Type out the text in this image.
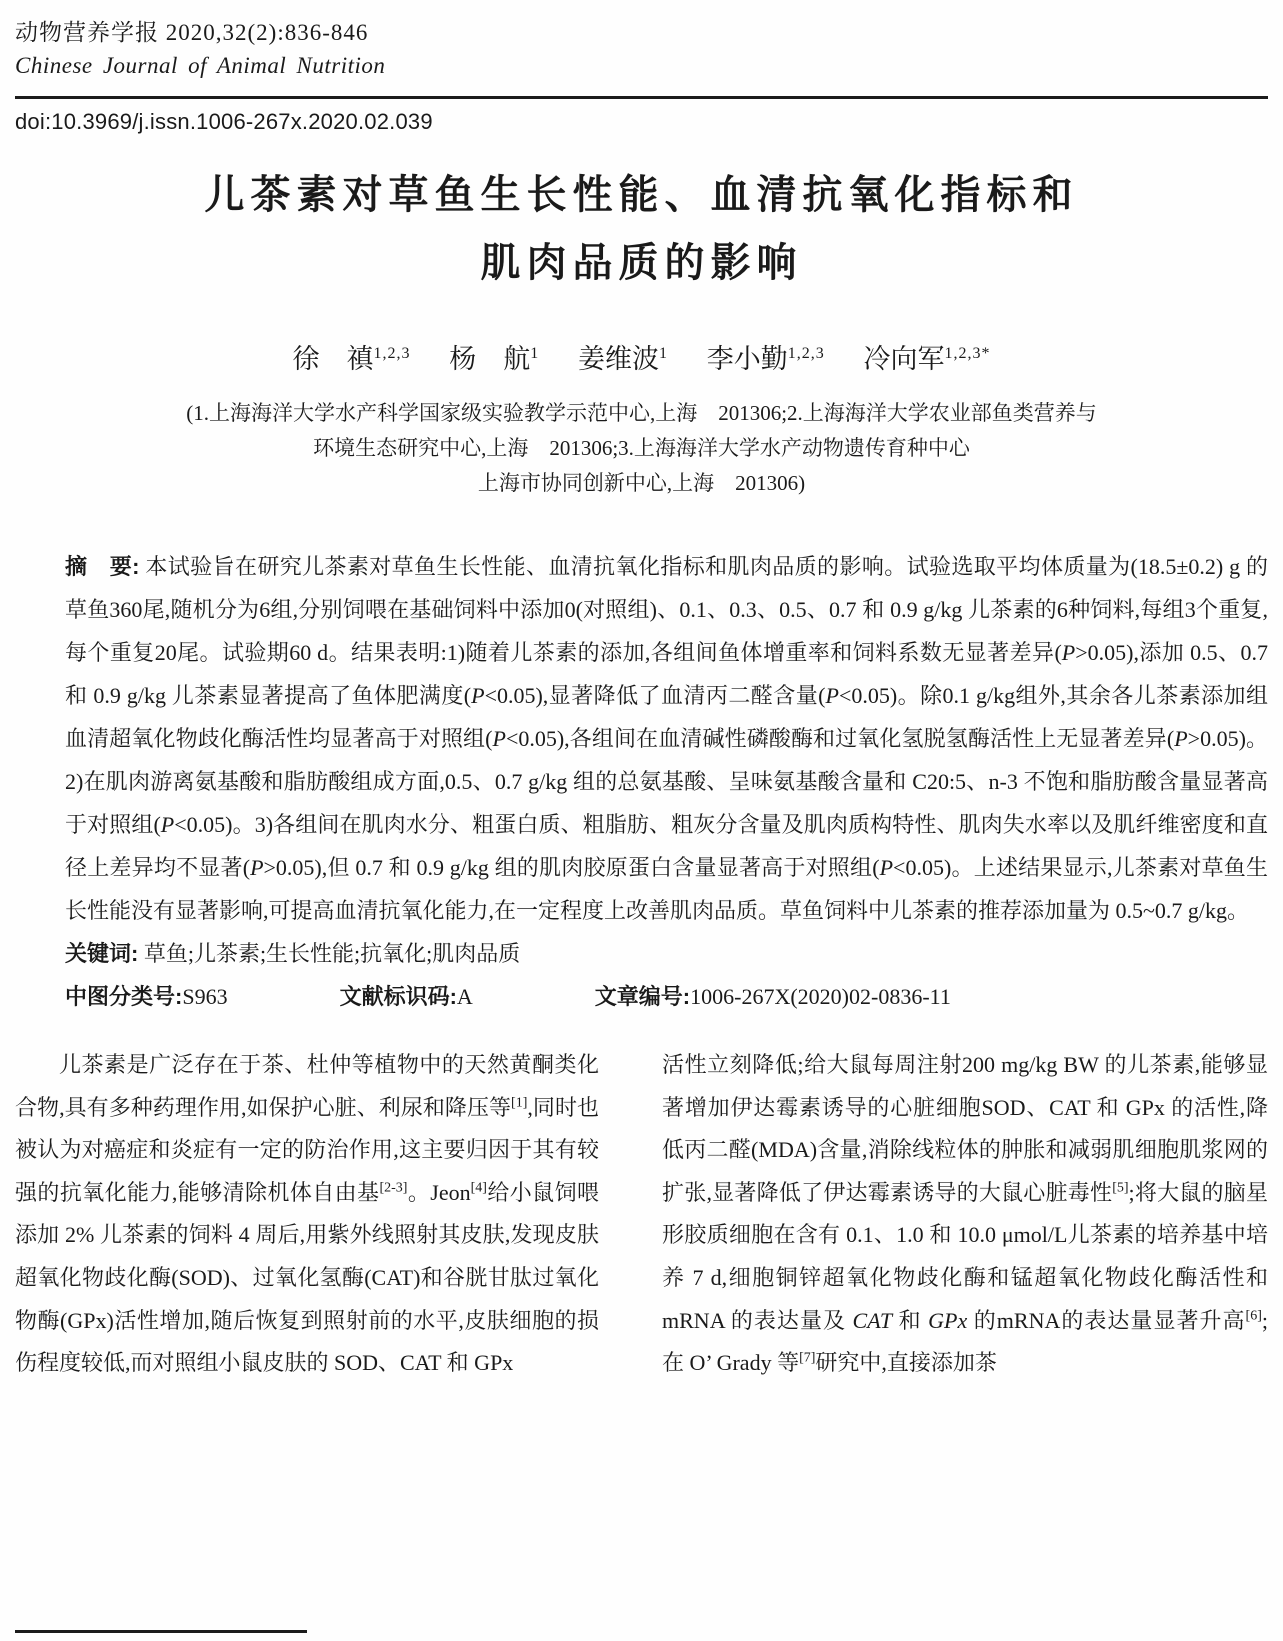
动物营养学报 2020,32(2):836-846
Chinese Journal of Animal Nutrition
doi:10.3969/j.issn.1006-267x.2020.02.039
儿茶素对草鱼生长性能、血清抗氧化指标和
肌肉品质的影响
徐　禛$^{1,2,3}$ 杨　航$^1$ 姜维波$^1$ 李小勤$^{1,2,3}$ 冷向军$^{1,2,3*}$
(1.上海海洋大学水产科学国家级实验教学示范中心,上海　201306;2.上海海洋大学农业部鱼类营养与
环境生态研究中心,上海　201306;3.上海海洋大学水产动物遗传育种中心
上海市协同创新中心,上海　201306)
摘　要: 本试验旨在研究儿茶素对草鱼生长性能、血清抗氧化指标和肌肉品质的影响。试验选取平均体质量为(18.5±0.2) g 的草鱼360尾,随机分为6组,分别饲喂在基础饲料中添加0(对照组)、0.1、0.3、0.5、0.7 和 0.9 g/kg 儿茶素的6种饲料,每组3个重复,每个重复20尾。试验期60 d。结果表明:1)随着儿茶素的添加,各组间鱼体增重率和饲料系数无显著差异(P>0.05),添加 0.5、0.7 和 0.9 g/kg 儿茶素显著提高了鱼体肥满度(P<0.05),显著降低了血清丙二醛含量(P<0.05)。除0.1 g/kg组外,其余各儿茶素添加组血清超氧化物歧化酶活性均显著高于对照组(P<0.05),各组间在血清碱性磷酸酶和过氧化氢脱氢酶活性上无显著差异(P>0.05)。2)在肌肉游离氨基酸和脂肪酸组成方面,0.5、0.7 g/kg 组的总氨基酸、呈味氨基酸含量和 C20:5、n-3 不饱和脂肪酸含量显著高于对照组(P<0.05)。3)各组间在肌肉水分、粗蛋白质、粗脂肪、粗灰分含量及肌肉质构特性、肌肉失水率以及肌纤维密度和直径上差异均不显著(P>0.05),但 0.7 和 0.9 g/kg 组的肌肉胶原蛋白含量显著高于对照组(P<0.05)。上述结果显示,儿茶素对草鱼生长性能没有显著影响,可提高血清抗氧化能力,在一定程度上改善肌肉品质。草鱼饲料中儿茶素的推荐添加量为 0.5~0.7 g/kg。
关键词: 草鱼;儿茶素;生长性能;抗氧化;肌肉品质
中图分类号:S963	文献标识码:A	文章编号:1006-267X(2020)02-0836-11

儿茶素是广泛存在于茶、杜仲等植物中的天然黄酮类化合物,具有多种药理作用,如保护心脏、利尿和降压等[1],同时也被认为对癌症和炎症有一定的防治作用,这主要归因于其有较强的抗氧化能力,能够清除机体自由基[2-3]。Jeon[4]给小鼠饲喂添加 2% 儿茶素的饲料 4 周后,用紫外线照射其皮肤,发现皮肤超氧化物歧化酶(SOD)、过氧化氢酶(CAT)和谷胱甘肽过氧化物酶(GPx)活性增加,随后恢复到照射前的水平,皮肤细胞的损伤程度较低,而对照组小鼠皮肤的 SOD、CAT 和 GPx

活性立刻降低;给大鼠每周注射200 mg/kg BW 的儿茶素,能够显著增加伊达霉素诱导的心脏细胞SOD、CAT 和 GPx 的活性,降低丙二醛(MDA)含量,消除线粒体的肿胀和减弱肌细胞肌浆网的扩张,显著降低了伊达霉素诱导的大鼠心脏毒性[5];将大鼠的脑星形胶质细胞在含有 0.1、1.0 和 10.0 μmol/L儿茶素的培养基中培养 7 d,细胞铜锌超氧化物歧化酶和锰超氧化物歧化酶活性和mRNA 的表达量及 CAT 和 GPx 的mRNA的表达量显著升高[6];在 O’ Grady 等[7]研究中,直接添加茶
